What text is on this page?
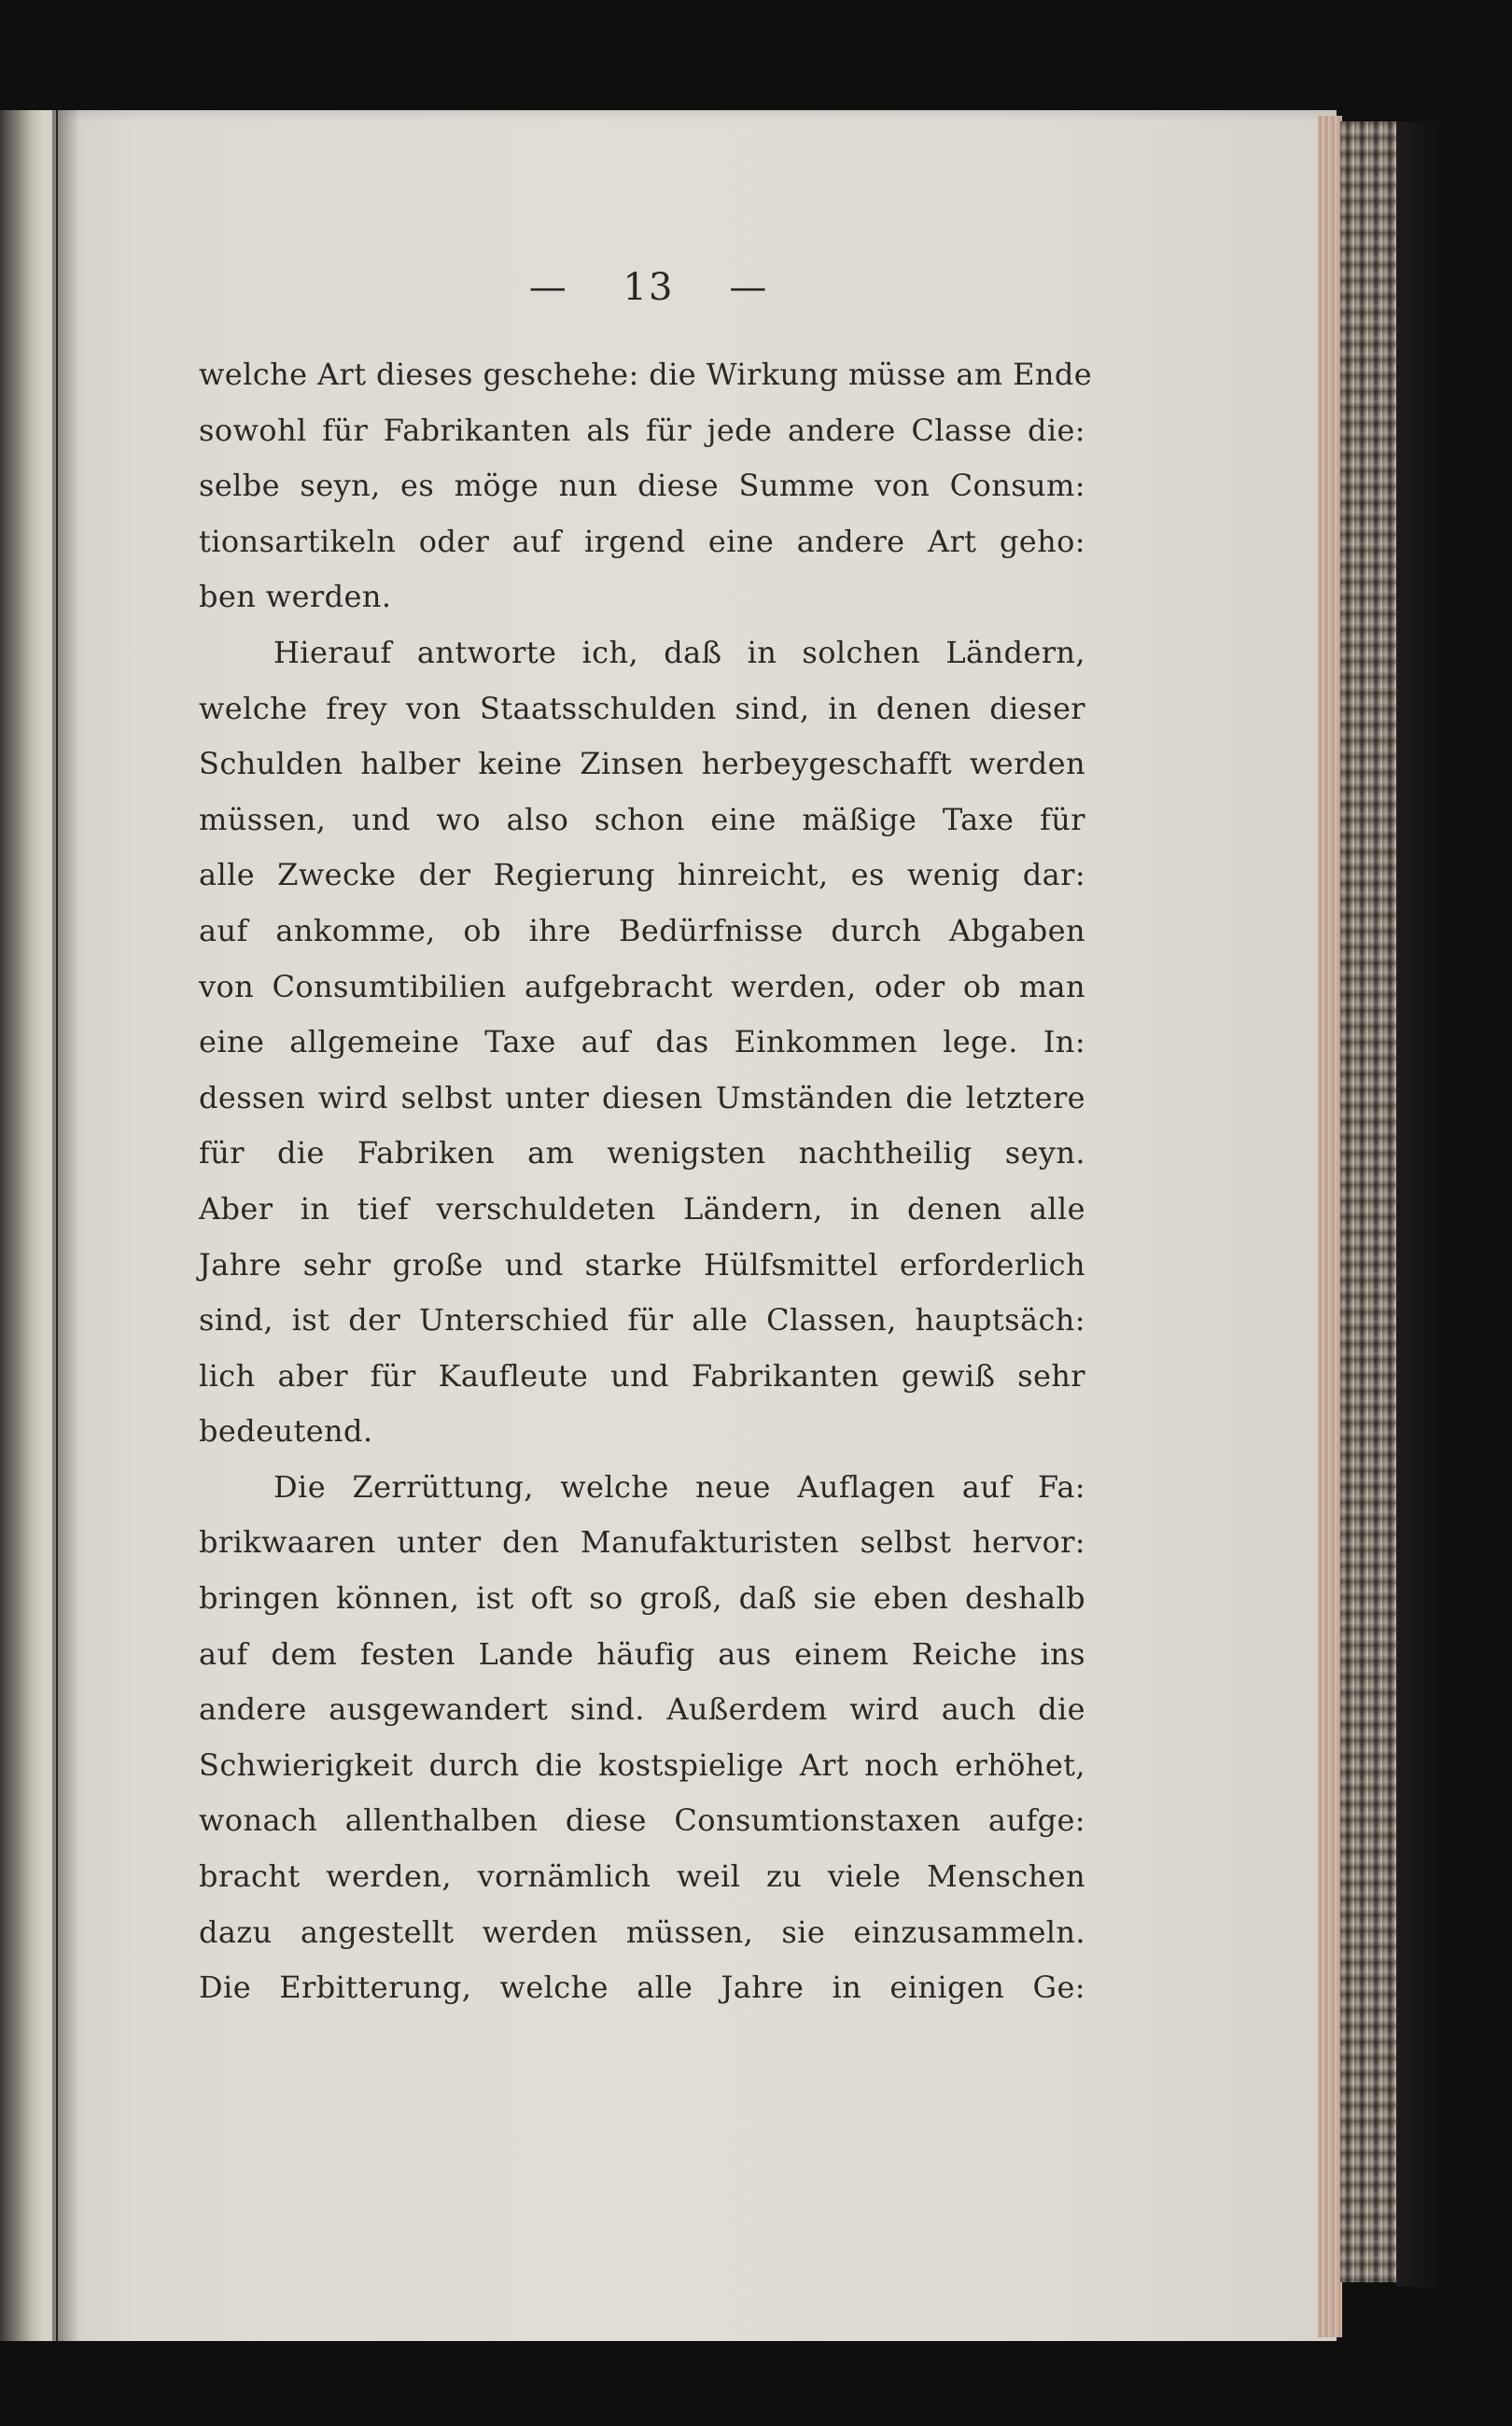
— 13 —
welche Art dieses geschehe: die Wirkung müsse am Ende
sowohl für Fabrikanten als für jede andere Classe die:
selbe seyn, es möge nun diese Summe von Consum:
tionsartikeln oder auf irgend eine andere Art geho:
ben werden.
Hierauf antworte ich, daß in solchen Ländern,
welche frey von Staatsschulden sind, in denen dieser
Schulden halber keine Zinsen herbeygeschafft werden
müssen, und wo also schon eine mäßige Taxe für
alle Zwecke der Regierung hinreicht, es wenig dar:
auf ankomme, ob ihre Bedürfnisse durch Abgaben
von Consumtibilien aufgebracht werden, oder ob man
eine allgemeine Taxe auf das Einkommen lege. In:
dessen wird selbst unter diesen Umständen die letztere
für die Fabriken am wenigsten nachtheilig seyn.
Aber in tief verschuldeten Ländern, in denen alle
Jahre sehr große und starke Hülfsmittel erforderlich
sind, ist der Unterschied für alle Classen, hauptsäch:
lich aber für Kaufleute und Fabrikanten gewiß sehr
bedeutend.
Die Zerrüttung, welche neue Auflagen auf Fa:
brikwaaren unter den Manufakturisten selbst hervor:
bringen können, ist oft so groß, daß sie eben deshalb
auf dem festen Lande häufig aus einem Reiche ins
andere ausgewandert sind. Außerdem wird auch die
Schwierigkeit durch die kostspielige Art noch erhöhet,
wonach allenthalben diese Consumtionstaxen aufge:
bracht werden, vornämlich weil zu viele Menschen
dazu angestellt werden müssen, sie einzusammeln.
Die Erbitterung, welche alle Jahre in einigen Ge:
